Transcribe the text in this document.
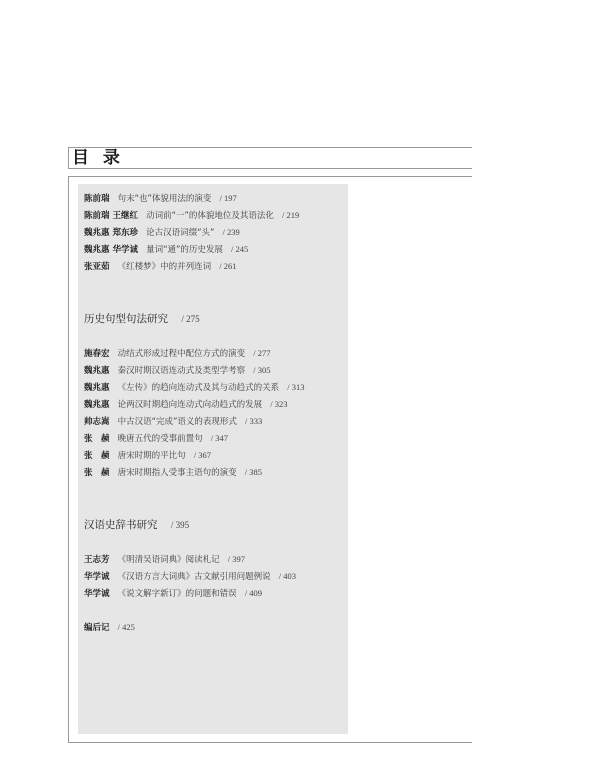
目 录
陈前瑞 句末“也”体貌用法的演变 / 197
陈前瑞 王继红 动词前“一”的体貌地位及其语法化 / 219
魏兆惠 郑东珍 论古汉语词缀“头” / 239
魏兆惠 华学诚 量词“通”的历史发展 / 245
张亚茹 《红楼梦》中的并列连词 / 261
历史句型句法研究 / 275
施春宏 动结式形成过程中配位方式的演变 / 277
魏兆惠 秦汉时期汉语连动式及类型学考察 / 305
魏兆惠 《左传》的趋向连动式及其与动趋式的关系 / 313
魏兆惠 论两汉时期趋向连动式向动趋式的发展 / 323
帅志嵩 中古汉语“完成”语义的表现形式 / 333
张　赪 晚唐五代的受事前置句 / 347
张　赪 唐宋时期的平比句 / 367
张　赪 唐宋时期指人受事主语句的演变 / 385
汉语史辞书研究 / 395
王志芳 《明清吴语词典》阅读札记 / 397
华学诚 《汉语方言大词典》古文献引用问题例说 / 403
华学诚 《说文解字新订》的问题和错误 / 409
编后记 / 425
